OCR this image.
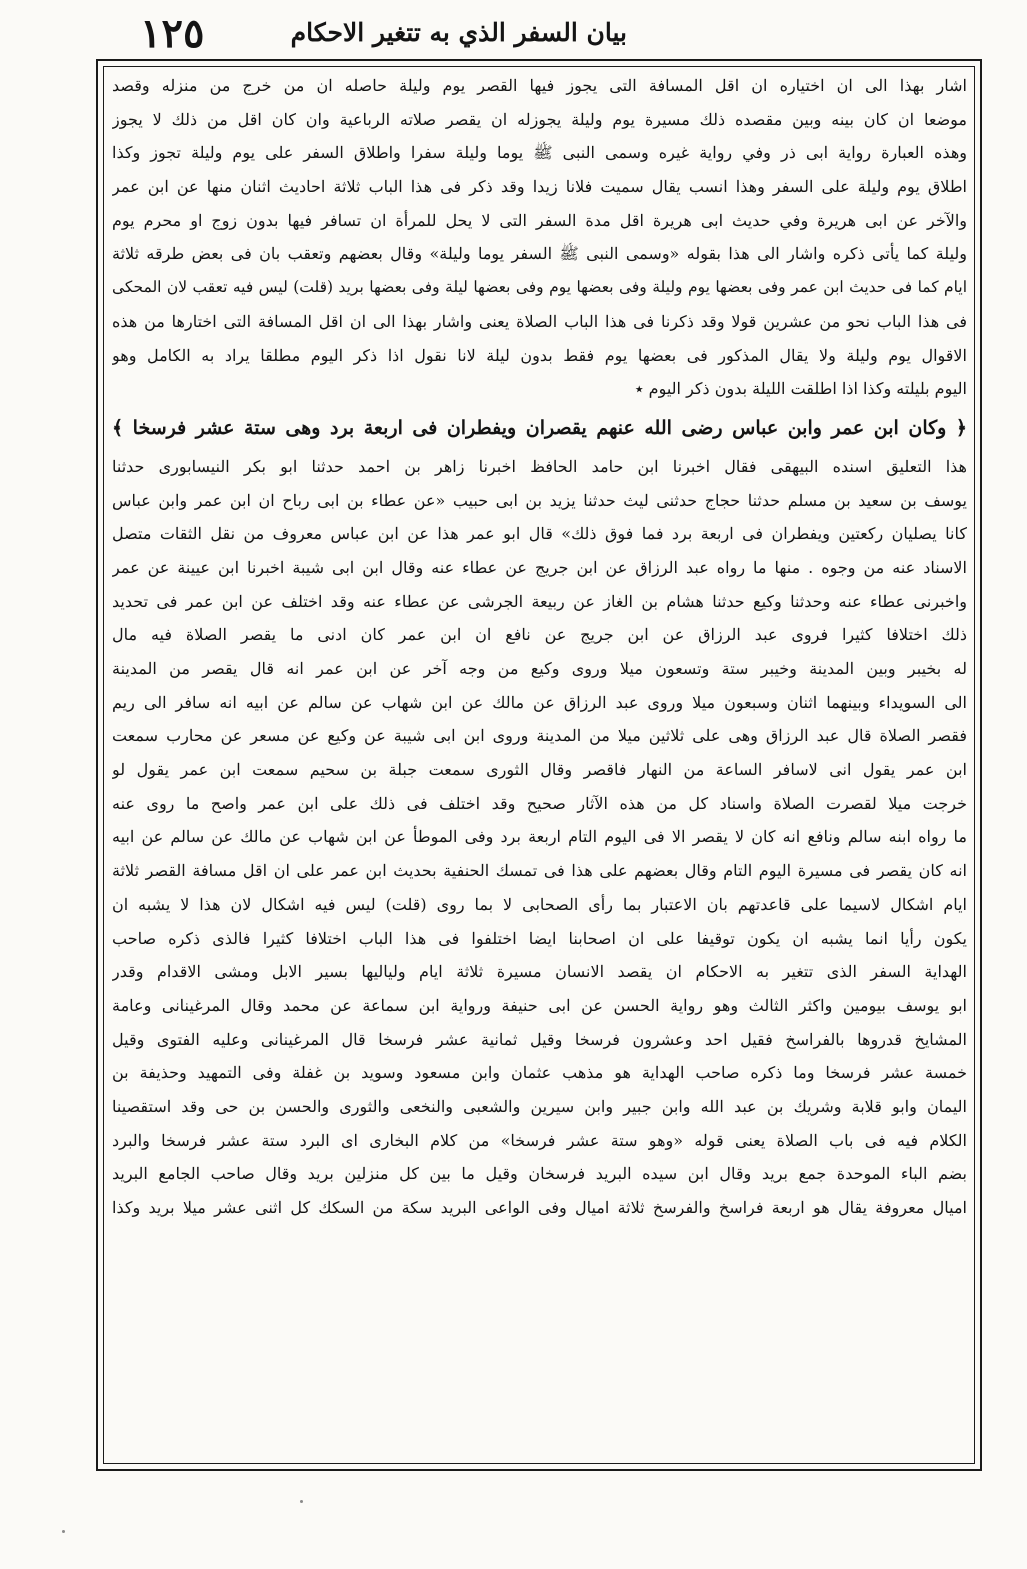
١٢٥	بيان السفر الذي به تتغير الاحكام
اشار بهذا الى ان اختياره ان اقل المسافة التى يجوز فيها القصر يوم وليلة حاصله ان من خرج من منزله وقصد
موضعا ان كان بينه وبين مقصده ذلك مسيرة يوم وليلة يجوزله ان يقصر صلاته الرباعية وان كان اقل من ذلك لا يجوز
وهذه العبارة رواية ابى ذر وفي رواية غيره وسمى النبى ﷺ يوما وليلة سفرا واطلاق السفر على يوم وليلة تجوز وكذا
اطلاق يوم وليلة على السفر وهذا انسب يقال سميت فلانا زيدا وقد ذكر فى هذا الباب ثلاثة احاديث اثنان منها عن ابن عمر
والآخر عن ابى هريرة وفي حديث ابى هريرة اقل مدة السفر التى لا يحل للمرأة ان تسافر فيها بدون زوج او محرم يوم
وليلة كما يأتى ذكره واشار الى هذا بقوله «وسمى النبى ﷺ السفر يوما وليلة» وقال بعضهم وتعقب بان فى بعض طرقه ثلاثة
ايام كما فى حديث ابن عمر وفى بعضها يوم وليلة وفى بعضها يوم وفى بعضها ليلة وفى بعضها بريد (قلت) ليس فيه تعقب لان المحكى
فى هذا الباب نحو من عشرين قولا وقد ذكرنا فى هذا الباب الصلاة يعنى واشار بهذا الى ان اقل المسافة التى اختارها من هذه
الاقوال يوم وليلة ولا يقال المذكور فى بعضها يوم فقط بدون ليلة لانا نقول اذا ذكر اليوم مطلقا يراد به الكامل وهو
اليوم بليلته وكذا اذا اطلقت الليلة بدون ذكر اليوم ٭
﴿ وكان ابن عمر وابن عباس رضى الله عنهم يقصران ويفطران فى اربعة برد وهى ستة عشر فرسخا ﴾
هذا التعليق اسنده البيهقى فقال اخبرنا ابن حامد الحافظ اخبرنا زاهر بن احمد حدثنا ابو بكر النيسابورى حدثنا
يوسف بن سعيد بن مسلم حدثنا حجاج حدثنى ليث حدثنا يزيد بن ابى حبيب «عن عطاء بن ابى رباح ان ابن عمر وابن عباس
كانا يصليان ركعتين ويفطران فى اربعة برد فما فوق ذلك» قال ابو عمر هذا عن ابن عباس معروف من نقل الثقات متصل
الاسناد عنه من وجوه . منها ما رواه عبد الرزاق عن ابن جريج عن عطاء عنه وقال ابن ابى شيبة اخبرنا ابن عيينة عن عمر
واخبرنى عطاء عنه وحدثنا وكيع حدثنا هشام بن الغاز عن ربيعة الجرشى عن عطاء عنه وقد اختلف عن ابن عمر فى تحديد
ذلك اختلافا كثيرا فروى عبد الرزاق عن ابن جريج عن نافع ان ابن عمر كان ادنى ما يقصر الصلاة فيه مال
له بخيبر وبين المدينة وخيبر ستة وتسعون ميلا وروى وكيع من وجه آخر عن ابن عمر انه قال يقصر من المدينة
الى السويداء وبينهما اثنان وسبعون ميلا وروى عبد الرزاق عن مالك عن ابن شهاب عن سالم عن ابيه انه سافر الى ريم
فقصر الصلاة قال عبد الرزاق وهى على ثلاثين ميلا من المدينة وروى ابن ابى شيبة عن وكيع عن مسعر عن محارب سمعت
ابن عمر يقول انى لاسافر الساعة من النهار فاقصر وقال الثورى سمعت جبلة بن سحيم سمعت ابن عمر يقول لو
خرجت ميلا لقصرت الصلاة واسناد كل من هذه الآثار صحيح وقد اختلف فى ذلك على ابن عمر واصح ما روى عنه
ما رواه ابنه سالم ونافع انه كان لا يقصر الا فى اليوم التام اربعة برد وفى الموطأ عن ابن شهاب عن مالك عن سالم عن ابيه
انه كان يقصر فى مسيرة اليوم التام وقال بعضهم على هذا فى تمسك الحنفية بحديث ابن عمر على ان اقل مسافة القصر ثلاثة
ايام اشكال لاسيما على قاعدتهم بان الاعتبار بما رأى الصحابى لا بما روى (قلت) ليس فيه اشكال لان هذا لا يشبه ان
يكون رأيا انما يشبه ان يكون توقيفا على ان اصحابنا ايضا اختلفوا فى هذا الباب اختلافا كثيرا فالذى ذكره صاحب
الهداية السفر الذى تتغير به الاحكام ان يقصد الانسان مسيرة ثلاثة ايام ولياليها بسير الابل ومشى الاقدام وقدر
ابو يوسف بيومين واكثر الثالث وهو رواية الحسن عن ابى حنيفة ورواية ابن سماعة عن محمد وقال المرغينانى وعامة
المشايخ قدروها بالفراسخ فقيل احد وعشرون فرسخا وقيل ثمانية عشر فرسخا قال المرغينانى وعليه الفتوى وقيل
خمسة عشر فرسخا وما ذكره صاحب الهداية هو مذهب عثمان وابن مسعود وسويد بن غفلة وفى التمهيد وحذيفة بن
اليمان وابو قلابة وشريك بن عبد الله وابن جبير وابن سيرين والشعبى والنخعى والثورى والحسن بن حى وقد استقصينا
الكلام فيه فى باب الصلاة يعنى قوله «وهو ستة عشر فرسخا» من كلام البخارى اى البرد ستة عشر فرسخا والبرد
بضم الباء الموحدة جمع بريد وقال ابن سيده البريد فرسخان وقيل ما بين كل منزلين بريد وقال صاحب الجامع البريد
اميال معروفة يقال هو اربعة فراسخ والفرسخ ثلاثة اميال وفى الواعى البريد سكة من السكك كل اثنى عشر ميلا بريد وكذا
